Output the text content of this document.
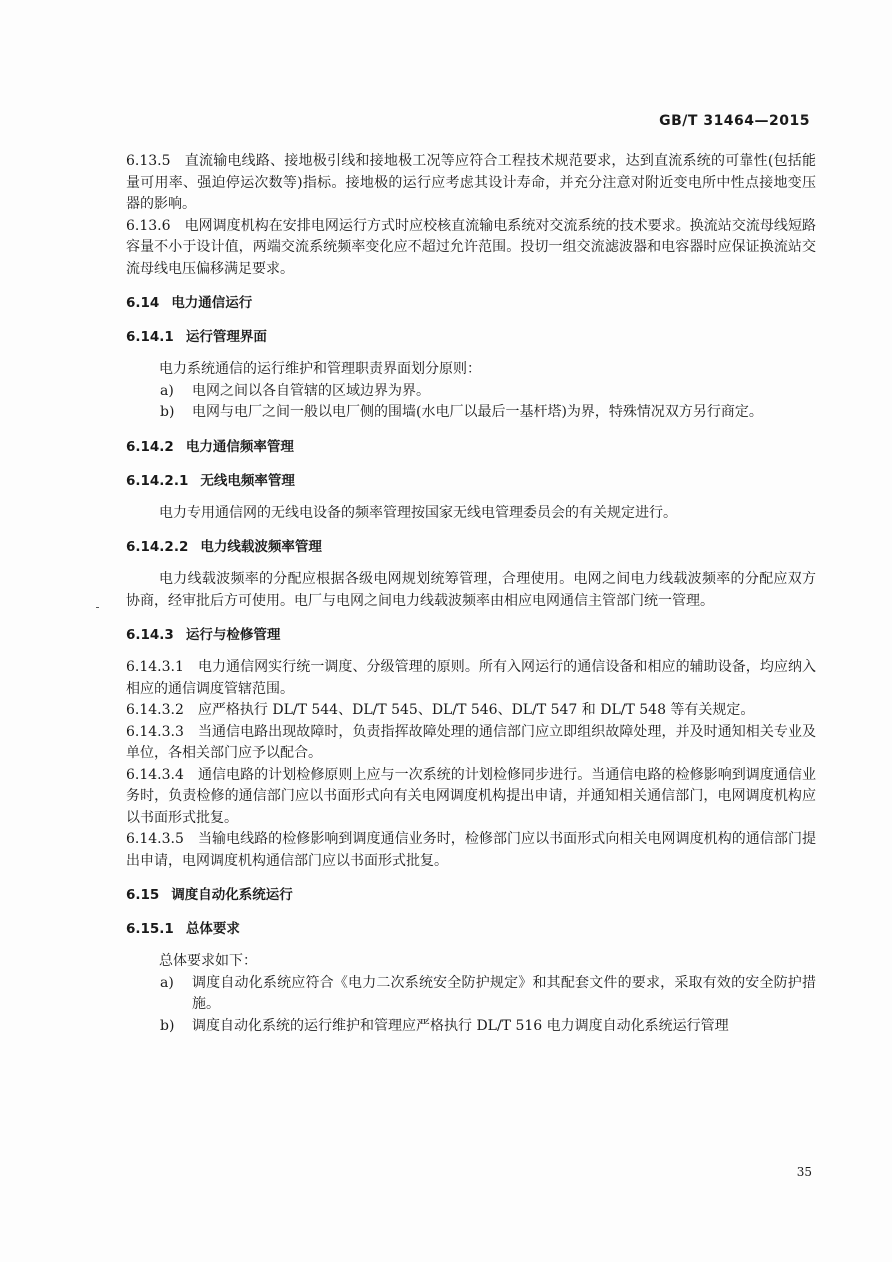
GB/T 31464—2015

6.13.5 直流输电线路、接地极引线和接地极工况等应符合工程技术规范要求，达到直流系统的可靠性(包括能量可用率、强迫停运次数等)指标。接地极的运行应考虑其设计寿命，并充分注意对附近变电所中性点接地变压器的影响。

6.13.6 电网调度机构在安排电网运行方式时应校核直流输电系统对交流系统的技术要求。换流站交流母线短路容量不小于设计值，两端交流系统频率变化应不超过允许范围。投切一组交流滤波器和电容器时应保证换流站交流母线电压偏移满足要求。

6.14 电力通信运行

6.14.1 运行管理界面

电力系统通信的运行维护和管理职责界面划分原则：

a) 电网之间以各自管辖的区域边界为界。

b) 电网与电厂之间一般以电厂侧的围墙(水电厂以最后一基杆塔)为界，特殊情况双方另行商定。

6.14.2 电力通信频率管理

6.14.2.1 无线电频率管理

电力专用通信网的无线电设备的频率管理按国家无线电管理委员会的有关规定进行。

6.14.2.2 电力线载波频率管理

电力线载波频率的分配应根据各级电网规划统筹管理，合理使用。电网之间电力线载波频率的分配应双方协商，经审批后方可使用。电厂与电网之间电力线载波频率由相应电网通信主管部门统一管理。

6.14.3 运行与检修管理

6.14.3.1 电力通信网实行统一调度、分级管理的原则。所有入网运行的通信设备和相应的辅助设备，均应纳入相应的通信调度管辖范围。

6.14.3.2 应严格执行 DL/T 544、DL/T 545、DL/T 546、DL/T 547 和 DL/T 548 等有关规定。

6.14.3.3 当通信电路出现故障时，负责指挥故障处理的通信部门应立即组织故障处理，并及时通知相关专业及单位，各相关部门应予以配合。

6.14.3.4 通信电路的计划检修原则上应与一次系统的计划检修同步进行。当通信电路的检修影响到调度通信业务时，负责检修的通信部门应以书面形式向有关电网调度机构提出申请，并通知相关通信部门，电网调度机构应以书面形式批复。

6.14.3.5 当输电线路的检修影响到调度通信业务时，检修部门应以书面形式向相关电网调度机构的通信部门提出申请，电网调度机构通信部门应以书面形式批复。

6.15 调度自动化系统运行

6.15.1 总体要求

总体要求如下：

a) 调度自动化系统应符合《电力二次系统安全防护规定》和其配套文件的要求，采取有效的安全防护措施。

b) 调度自动化系统的运行维护和管理应严格执行 DL/T 516 电力调度自动化系统运行管理

35
